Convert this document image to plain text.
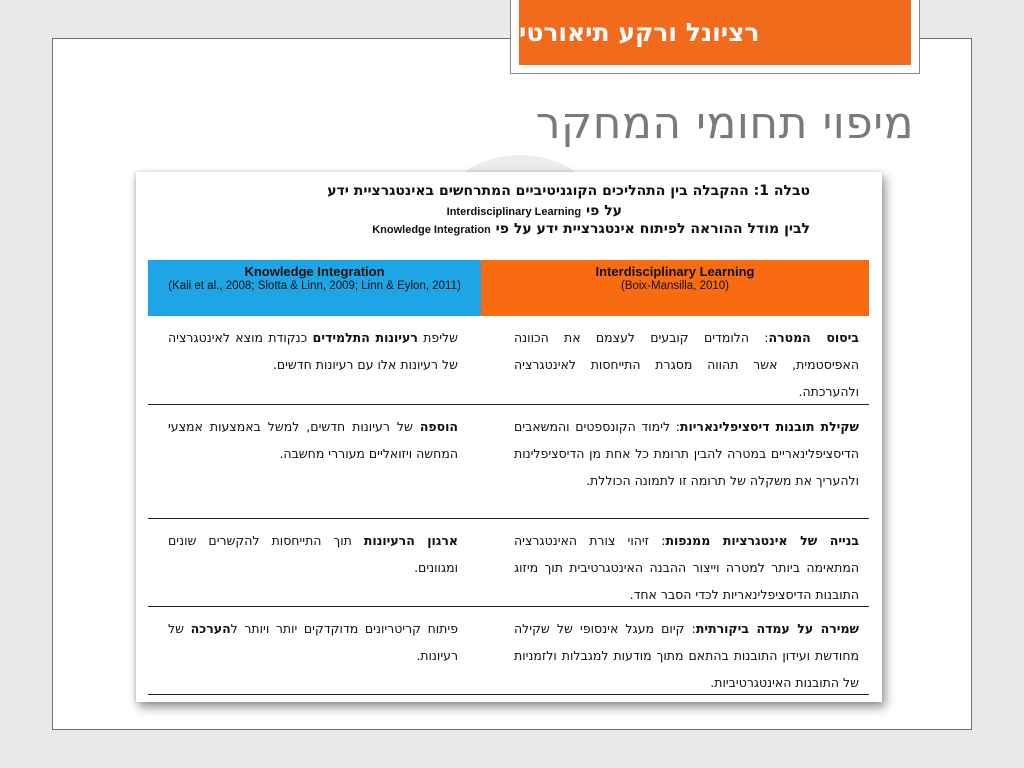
רציונל ורקע תיאורטי
מיפוי תחומי המחקר
טבלה 1: ההקבלה בין התהליכים הקוגניטיביים המתרחשים באינטגרציית ידע
על פי Interdisciplinary Learning
לבין מודל ההוראה לפיתוח אינטגרציית ידע על פי Knowledge Integration
Knowledge Integration
(Kali et al., 2008; Slotta & Linn, 2009; Linn & Eylon, 2011)
Interdisciplinary Learning
(Boix-Mansilla, 2010)
ביסוס המטרה: הלומדים קובעים לעצמם את הכוונה האפיסטמית, אשר תהווה מסגרת התייחסות לאינטגרציה ולהערכתה.
שליפת רעיונות התלמידים כנקודת מוצא לאינטגרציה של רעיונות אלו עם רעיונות חדשים.
שקילת תובנות דיסציפלינאריות: לימוד הקונספטים והמשאבים הדיסציפלינאריים במטרה להבין תרומת כל אחת מן הדיסציפלינות ולהעריך את משקלה של תרומה זו לתמונה הכוללת.
הוספה של רעיונות חדשים, למשל באמצעות אמצעי המחשה ויזואליים מעוררי מחשבה.
בנייה של אינטגרציות ממנפות: זיהוי צורת האינטגרציה המתאימה ביותר למטרה וייצור ההבנה האינטגרטיבית תוך מיזוג התובנות הדיסציפלינאריות לכדי הסבר אחד.
ארגון הרעיונות תוך התייחסות להקשרים שונים ומגוונים.
שמירה על עמדה ביקורתית: קיום מעגל אינסופי של שקילה מחודשת ועידון התובנות בהתאם מתוך מודעות למגבלות ולזמניות של התובנות האינטגרטיביות.
פיתוח קריטריונים מדוקדקים יותר ויותר להערכה של רעיונות.
